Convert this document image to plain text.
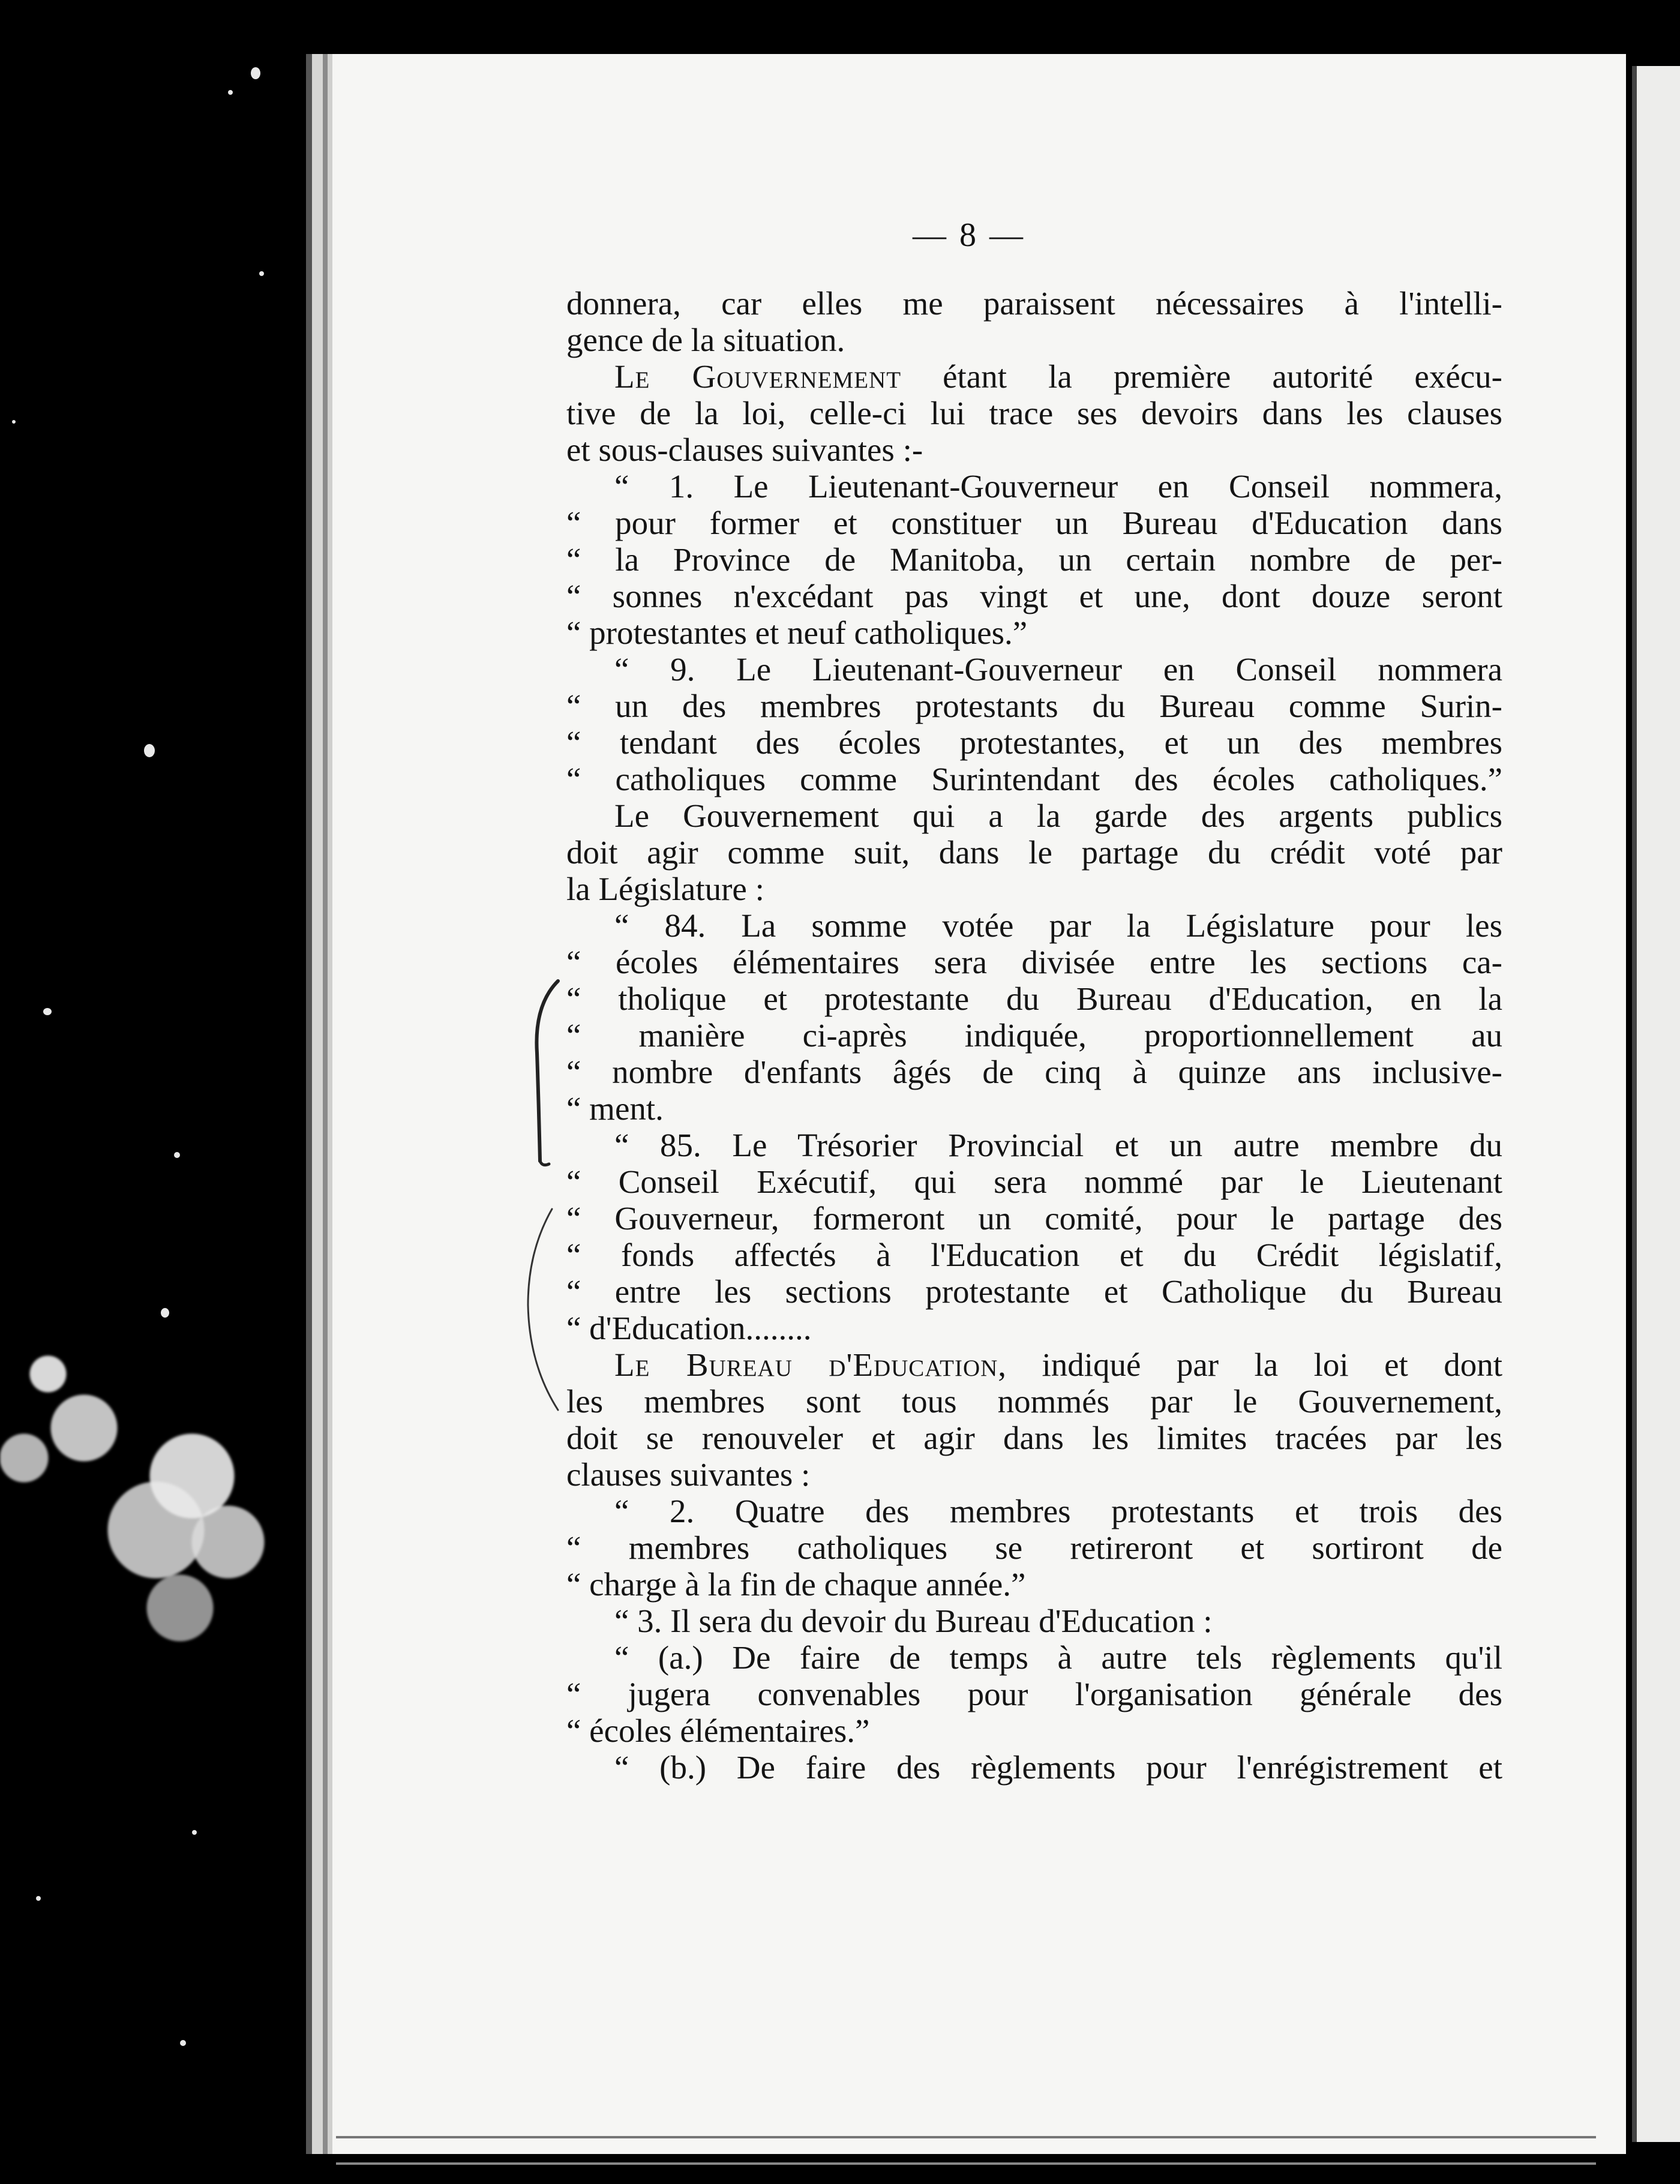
— 8 —
donnera, car elles me paraissent nécessaires à l'intelli-
gence de la situation.
Le Gouvernement étant la première autorité exécu-
tive de la loi, celle-ci lui trace ses devoirs dans les clauses
et sous-clauses suivantes :-
“ 1. Le Lieutenant-Gouverneur en Conseil nommera,
“ pour former et constituer un Bureau d'Education dans
“ la Province de Manitoba, un certain nombre de per-
“ sonnes n'excédant pas vingt et une, dont douze seront
“ protestantes et neuf catholiques.”
“ 9. Le Lieutenant-Gouverneur en Conseil nommera
“ un des membres protestants du Bureau comme Surin-
“ tendant des écoles protestantes, et un des membres
“ catholiques comme Surintendant des écoles catholiques.”
Le Gouvernement qui a la garde des argents publics
doit agir comme suit, dans le partage du crédit voté par
la Législature :
“ 84. La somme votée par la Législature pour les
“ écoles élémentaires sera divisée entre les sections ca-
“ tholique et protestante du Bureau d'Education, en la
“ manière ci-après indiquée, proportionnellement au
“ nombre d'enfants âgés de cinq à quinze ans inclusive-
“ ment.
“ 85. Le Trésorier Provincial et un autre membre du
“ Conseil Exécutif, qui sera nommé par le Lieutenant
“ Gouverneur, formeront un comité, pour le partage des
“ fonds affectés à l'Education et du Crédit législatif,
“ entre les sections protestante et Catholique du Bureau
“ d'Education........
Le Bureau d'Education, indiqué par la loi et dont
les membres sont tous nommés par le Gouvernement,
doit se renouveler et agir dans les limites tracées par les
clauses suivantes :
“ 2. Quatre des membres protestants et trois des
“ membres catholiques se retireront et sortiront de
“ charge à la fin de chaque année.”
“ 3. Il sera du devoir du Bureau d'Education :
“ (a.) De faire de temps à autre tels règlements qu'il
“ jugera convenables pour l'organisation générale des
“ écoles élémentaires.”
“ (b.) De faire des règlements pour l'enrégistrement et
